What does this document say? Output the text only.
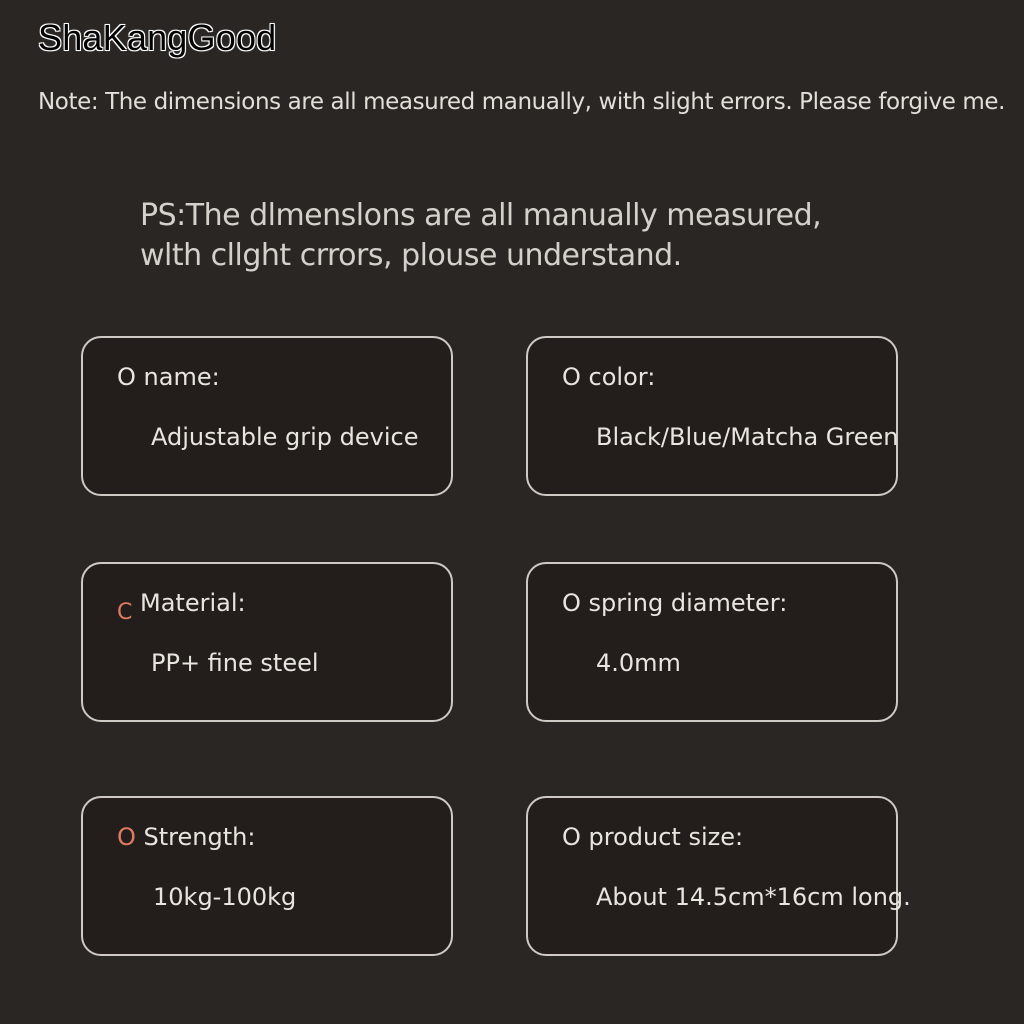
ShaKangGood
Note: The dimensions are all measured manually, with slight errors. Please forgive me.
PS:The dlmenslons are all manually measured,
wlth cllght crrors, plouse understand.
O name:
Adjustable grip device
O color:
Black/Blue/Matcha Green
C Material:
PP+ fine steel
O spring diameter:
4.0mm
O Strength:
10kg-100kg
O product size:
About 14.5cm*16cm long.
